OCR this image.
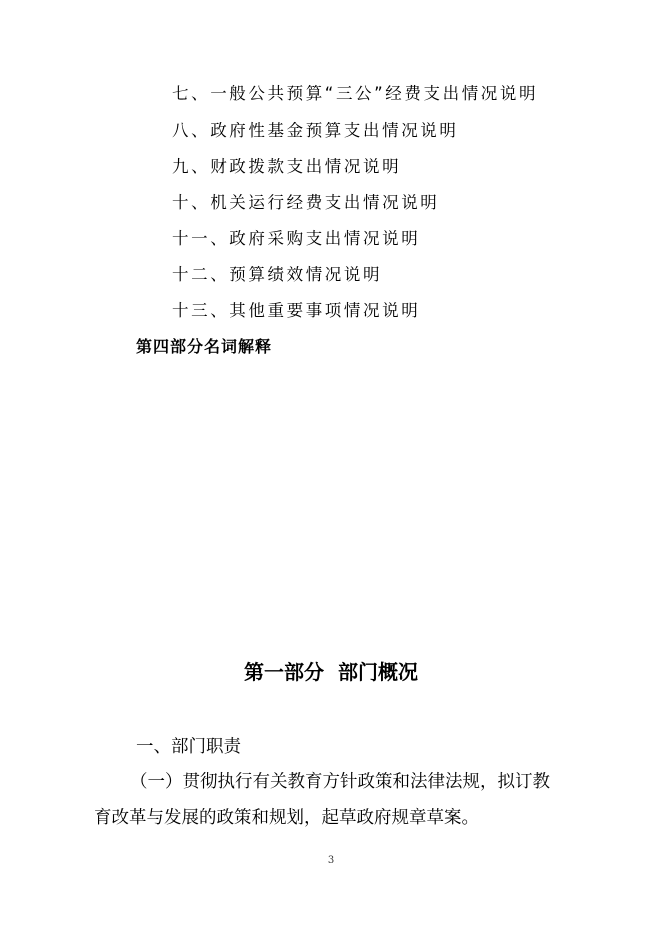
七、一般公共预算“三公”经费支出情况说明
八、政府性基金预算支出情况说明
九、财政拨款支出情况说明
十、机关运行经费支出情况说明
十一、政府采购支出情况说明
十二、预算绩效情况说明
十三、其他重要事项情况说明
第四部分名词解释
第一部分  部门概况
一、部门职责
（一）贯彻执行有关教育方针政策和法律法规，拟订教
育改革与发展的政策和规划，起草政府规章草案。
3
